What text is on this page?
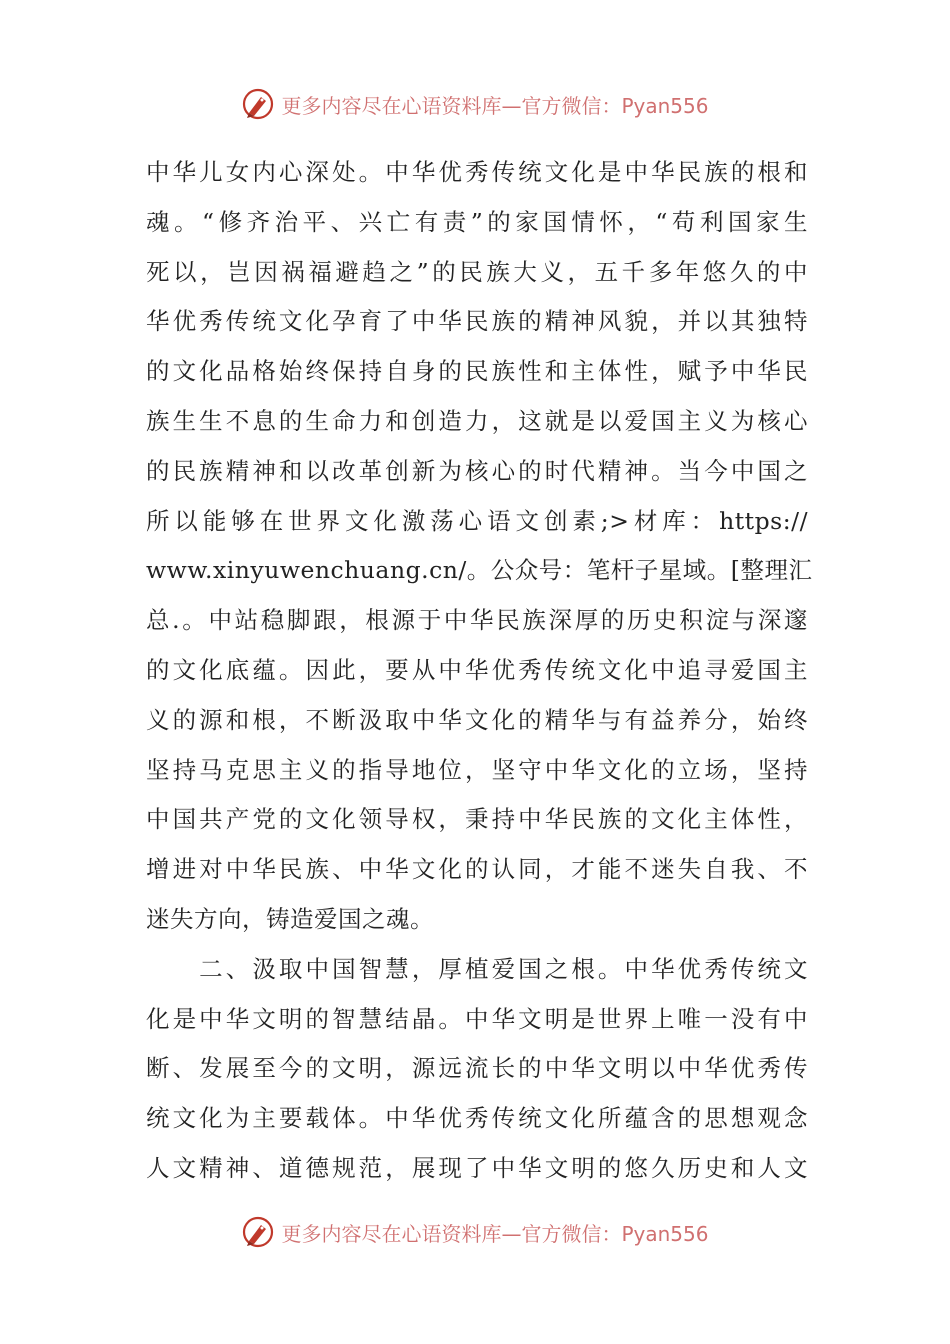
更多内容尽在心语资料库—官方微信：Pyan556
中华儿女内心深处。中华优秀传统文化是中华民族的根和
魂。“修齐治平、兴亡有责”的家国情怀，“苟利国家生
死以，岂因祸福避趋之”的民族大义，五千多年悠久的中
华优秀传统文化孕育了中华民族的精神风貌，并以其独特
的文化品格始终保持自身的民族性和主体性，赋予中华民
族生生不息的生命力和创造力，这就是以爱国主义为核心
的民族精神和以改革创新为核心的时代精神。当今中国之
所以能够在世界文化激荡心语文创素;>材库：https://
www.xinyuwenchuang.cn/。公众号：笔杆子星域。[整理汇
总.。中站稳脚跟，根源于中华民族深厚的历史积淀与深邃
的文化底蕴。因此，要从中华优秀传统文化中追寻爱国主
义的源和根，不断汲取中华文化的精华与有益养分，始终
坚持马克思主义的指导地位，坚守中华文化的立场，坚持
中国共产党的文化领导权，秉持中华民族的文化主体性，
增进对中华民族、中华文化的认同，才能不迷失自我、不
迷失方向，铸造爱国之魂。
　　二、汲取中国智慧，厚植爱国之根。中华优秀传统文
化是中华文明的智慧结晶。中华文明是世界上唯一没有中
断、发展至今的文明，源远流长的中华文明以中华优秀传
统文化为主要载体。中华优秀传统文化所蕴含的思想观念
人文精神、道德规范，展现了中华文明的悠久历史和人文
更多内容尽在心语资料库—官方微信：Pyan556
